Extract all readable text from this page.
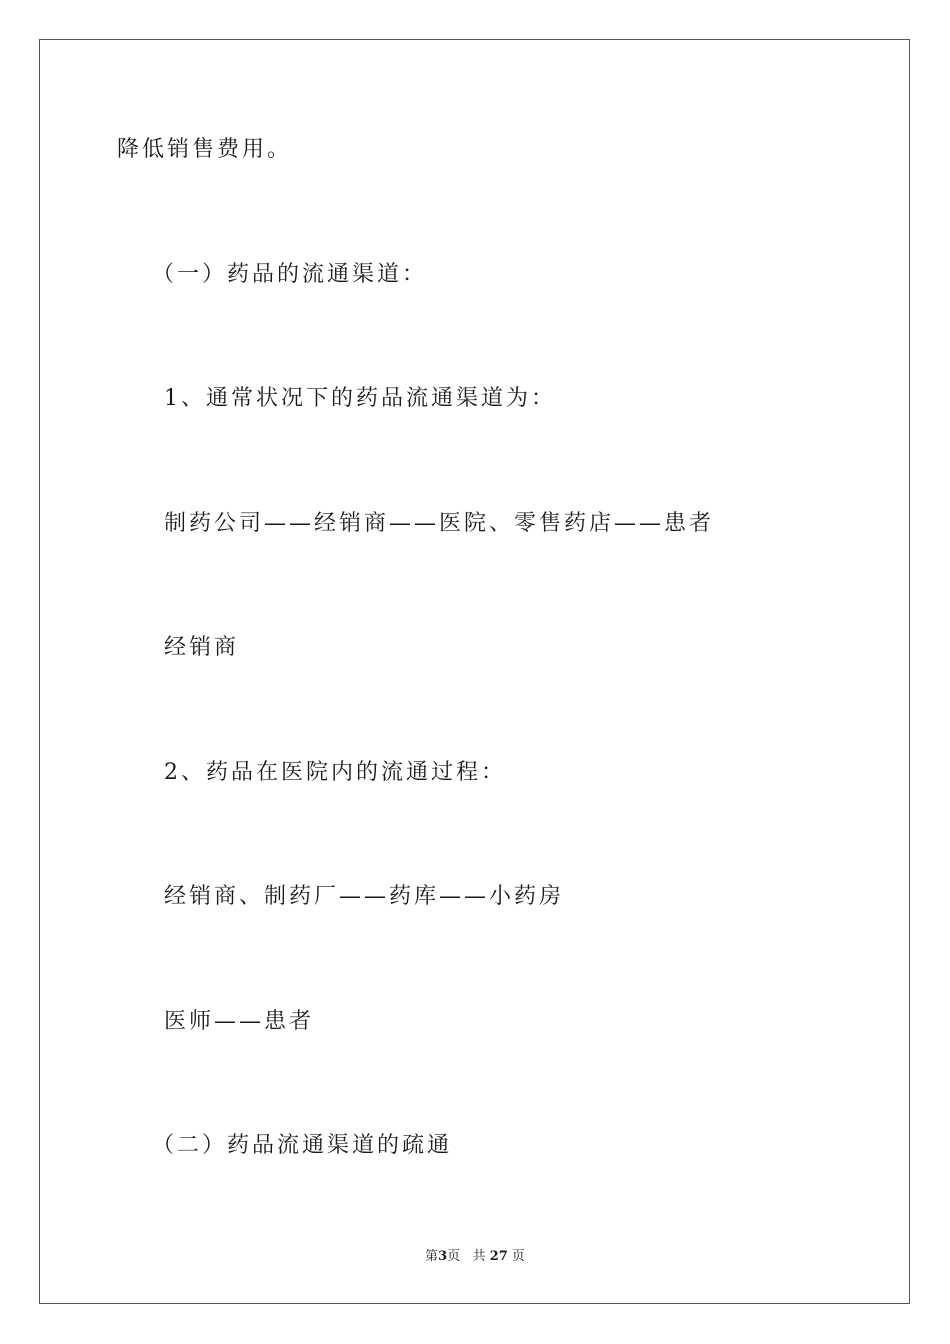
降低销售费用。
（一）药品的流通渠道：
1、通常状况下的药品流通渠道为：
制药公司——经销商——医院、零售药店——患者
经销商
2、药品在医院内的流通过程：
经销商、制药厂——药库——小药房
医师——患者
（二）药品流通渠道的疏通
第3页 共 27 页
